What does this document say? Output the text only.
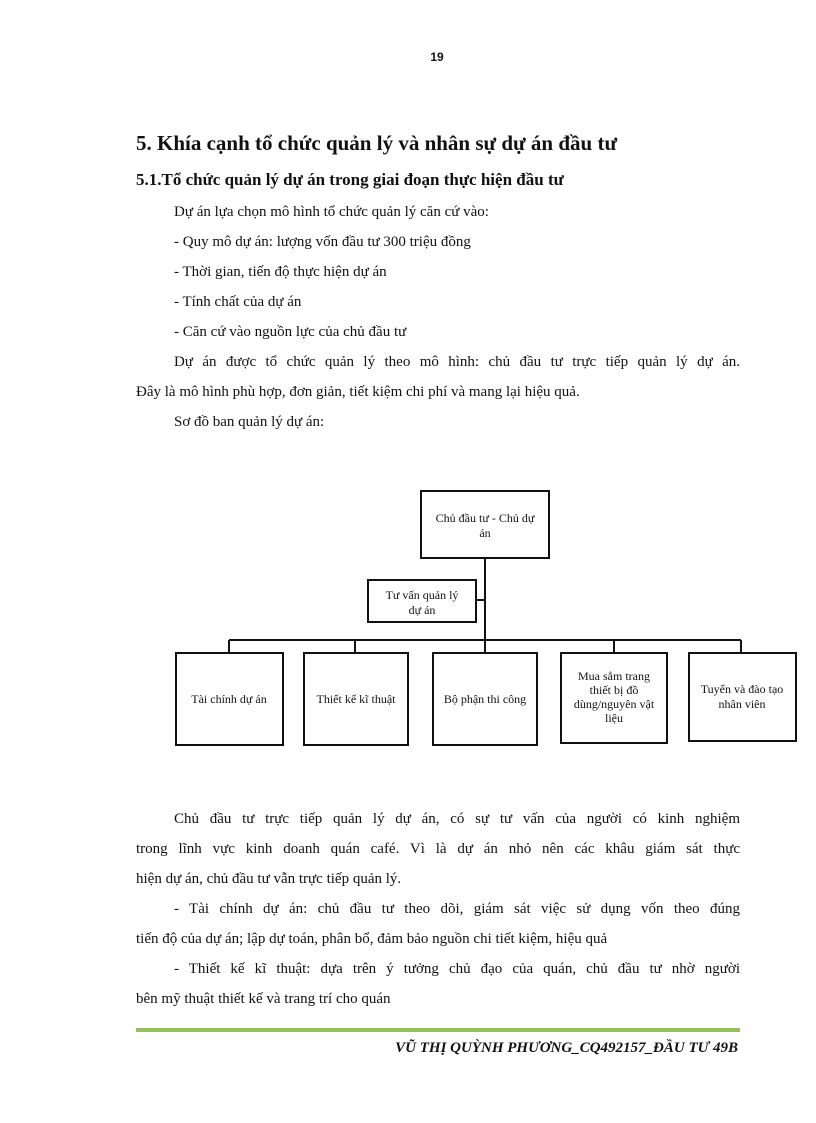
19
5. Khía cạnh tổ chức quản lý và nhân sự dự án đầu tư
5.1.Tổ chức quản lý dự án trong giai đoạn thực hiện đầu tư
Dự án lựa chọn mô hình tổ chức quản lý căn cứ vào:
- Quy mô dự án: lượng vốn đầu tư 300 triệu đồng
- Thời gian, tiến độ thực hiện dự án
- Tính chất của dự án
- Căn cứ vào nguồn lực của chủ đầu tư
Dự án được tổ chức quản lý theo mô hình: chủ đầu tư trực tiếp quản lý dự án.
Đây là mô hình phù hợp, đơn giản, tiết kiệm chi phí và mang lại hiệu quả.
Sơ đồ ban quản lý dự án:
Chủ đầu tư - Chủ dự
án
Tư vấn quản lý
dự án
Tài chính dự án	Thiết kế kĩ thuật	Bộ phận thi công
Mua sắm trang
thiết bị đồ
dùng/nguyên vật
liệu
Tuyển và đào tạo
nhân viên
Chủ đầu tư trực tiếp quản lý dự án, có sự tư vấn của người có kinh nghiệm
trong lĩnh vực kinh doanh quán café. Vì là dự án nhỏ nên các khâu giám sát thực
hiện dự án, chủ đầu tư vẫn trực tiếp quản lý.
- Tài chính dự án: chủ đầu tư theo dõi, giám sát việc sử dụng vốn theo đúng
tiến độ của dự án; lập dự toán, phân bổ, đảm bảo nguồn chi tiết kiệm, hiệu quả
- Thiết kế kĩ thuật: dựa trên ý tưởng chủ đạo của quán, chủ đầu tư nhờ người
bên mỹ thuật thiết kế và trang trí cho quán
VŨ THỊ QUỲNH PHƯƠNG_CQ492157_ĐẦU TƯ 49B
